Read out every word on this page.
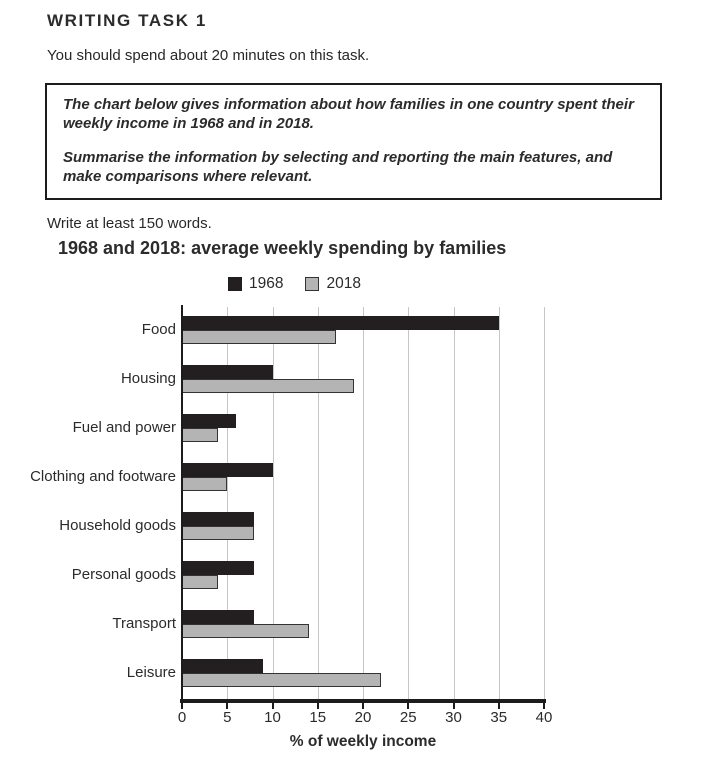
WRITING TASK 1

You should spend about 20 minutes on this task.

The chart below gives information about how families in one country spent their weekly income in 1968 and in 2018.

Summarise the information by selecting and reporting the main features, and make comparisons where relevant.

Write at least 150 words.

1968 and 2018: average weekly spending by families
1968	2018
0	5	10	15	20	25	30	35	40
Food
Housing
Fuel and power
Clothing and footware
Household goods
Personal goods
Transport
Leisure
% of weekly income
